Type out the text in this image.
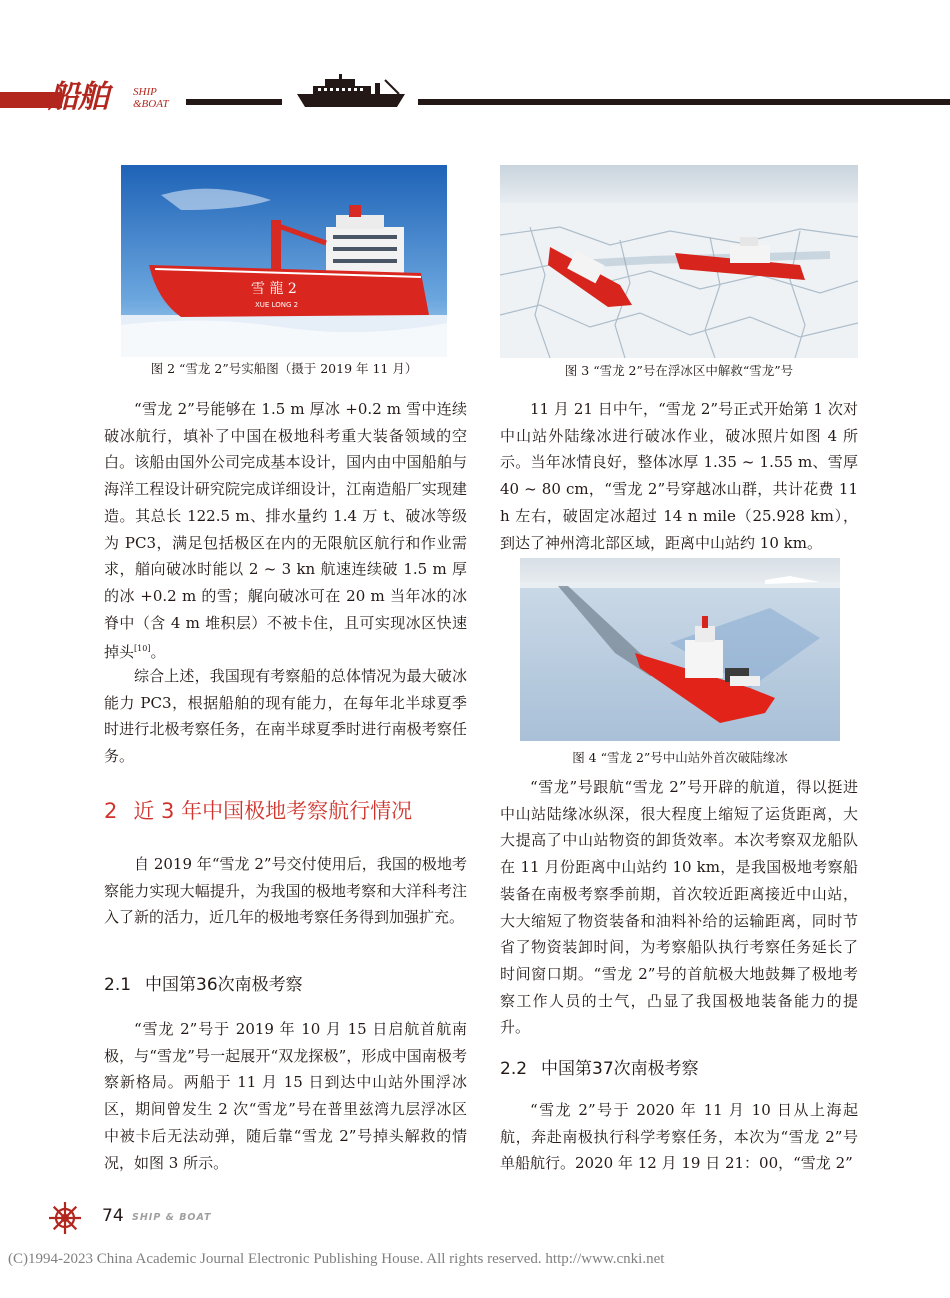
船舶 SHIP
&BOAT
雪 龍 2
XUE LONG 2
图 2 “雪龙 2”号实船图（摄于 2019 年 11 月）	图 3 “雪龙 2”号在浮冰区中解救“雪龙”号
图 4 “雪龙 2”号中山站外首次破陆缘冰

“雪龙 2”号能够在 1.5 m 厚冰 +0.2 m 雪中连续破冰航行，填补了中国在极地科考重大装备领域的空白。该船由国外公司完成基本设计，国内由中国船舶与海洋工程设计研究院完成详细设计，江南造船厂实现建造。其总长 122.5 m、排水量约 1.4 万 t、破冰等级为 PC3，满足包括极区在内的无限航区航行和作业需求，艏向破冰时能以 2 ~ 3 kn 航速连续破 1.5 m 厚的冰 +0.2 m 的雪；艉向破冰可在 20 m 当年冰的冰脊中（含 4 m 堆积层）不被卡住，且可实现冰区快速掉头[10]。

综合上述，我国现有考察船的总体情况为最大破冰能力 PC3，根据船舶的现有能力，在每年北半球夏季时进行北极考察任务，在南半球夏季时进行南极考察任务。

2 近 3 年中国极地考察航行情况

自 2019 年“雪龙 2”号交付使用后，我国的极地考察能力实现大幅提升，为我国的极地考察和大洋科考注入了新的活力，近几年的极地考察任务得到加强扩充。

2.1 中国第36次南极考察

“雪龙 2”号于 2019 年 10 月 15 日启航首航南极，与“雪龙”号一起展开“双龙探极”，形成中国南极考察新格局。两船于 11 月 15 日到达中山站外围浮冰区，期间曾发生 2 次“雪龙”号在普里兹湾九层浮冰区中被卡后无法动弹，随后靠“雪龙 2”号掉头解救的情况，如图 3 所示。

11 月 21 日中午，“雪龙 2”号正式开始第 1 次对中山站外陆缘冰进行破冰作业，破冰照片如图 4 所示。当年冰情良好，整体冰厚 1.35 ~ 1.55 m、雪厚 40 ~ 80 cm，“雪龙 2”号穿越冰山群，共计花费 11 h 左右，破固定冰超过 14 n mile（25.928 km），到达了神州湾北部区域，距离中山站约 10 km。

“雪龙”号跟航“雪龙 2”号开辟的航道，得以挺进中山站陆缘冰纵深，很大程度上缩短了运货距离，大大提高了中山站物资的卸货效率。本次考察双龙船队在 11 月份距离中山站约 10 km，是我国极地考察船装备在南极考察季前期，首次较近距离接近中山站，大大缩短了物资装备和油料补给的运输距离，同时节省了物资装卸时间，为考察船队执行考察任务延长了时间窗口期。“雪龙 2”号的首航极大地鼓舞了极地考察工作人员的士气，凸显了我国极地装备能力的提升。

2.2 中国第37次南极考察

“雪龙 2”号于 2020 年 11 月 10 日从上海起航，奔赴南极执行科学考察任务，本次为“雪龙 2”号单船航行。2020 年 12 月 19 日 21：00，“雪龙 2”

74 SHIP & BOAT
(C)1994-2023 China Academic Journal Electronic Publishing House. All rights reserved. http://www.cnki.net
